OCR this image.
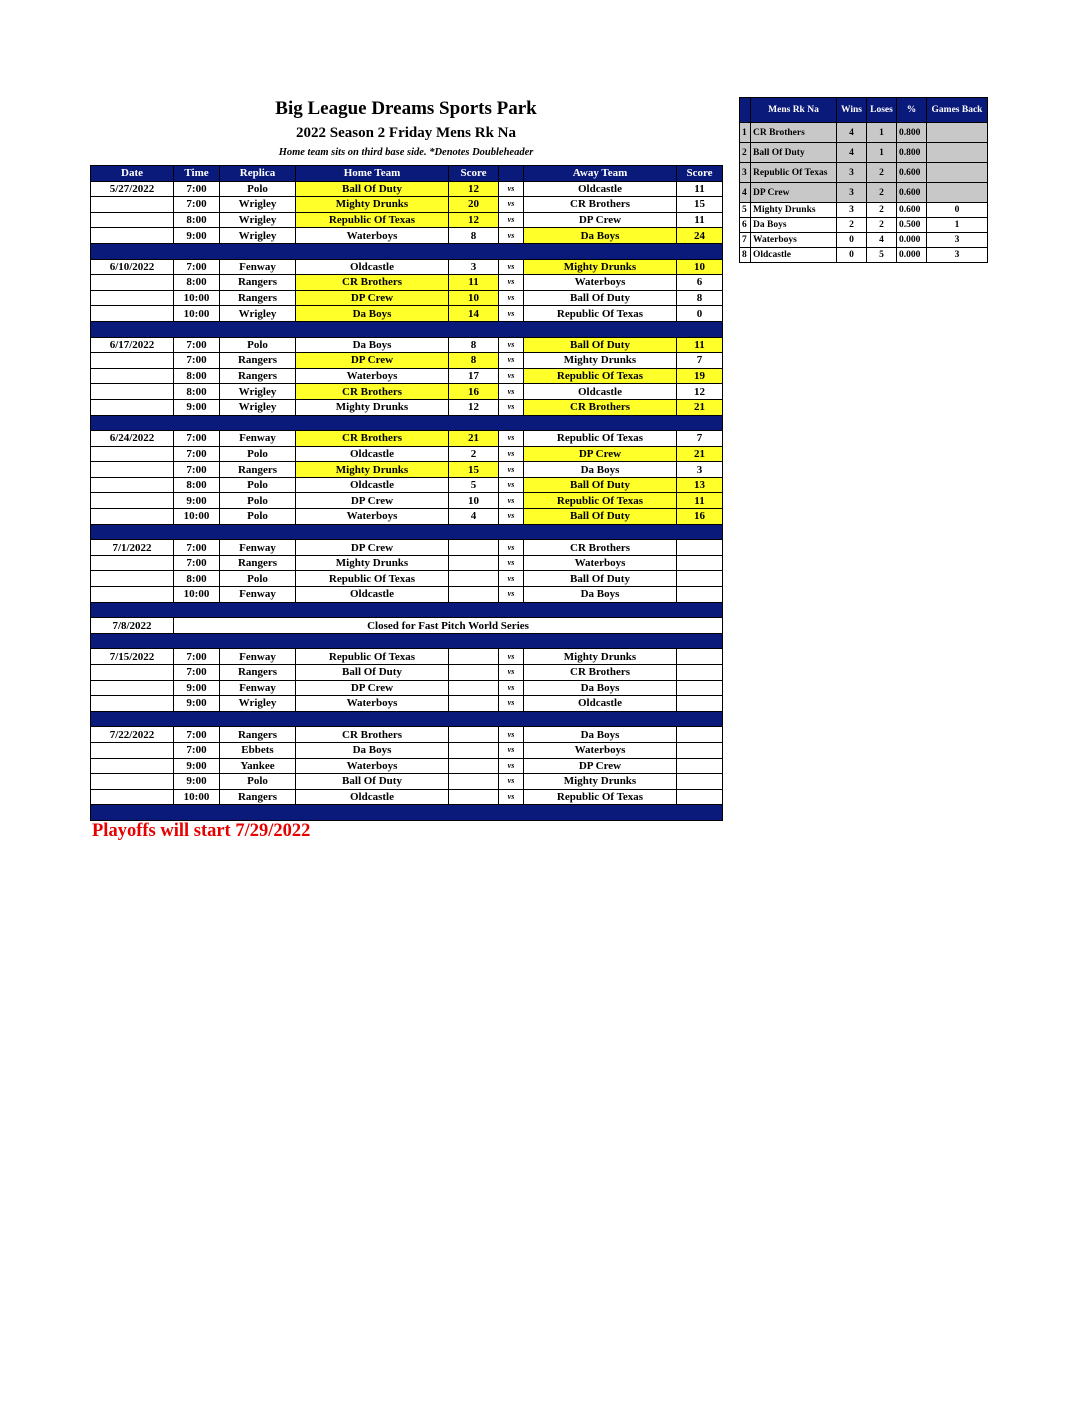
Big League Dreams Sports Park
2022 Season 2 Friday Mens Rk Na
Home team sits on third base side. *Denotes Doubleheader
Date	Time	Replica	Home Team	Score		Away Team	Score
5/27/2022	7:00	Polo	Ball Of Duty	12	vs	Oldcastle	11
	7:00	Wrigley	Mighty Drunks	20	vs	CR Brothers	15
	8:00	Wrigley	Republic Of Texas	12	vs	DP Crew	11
	9:00	Wrigley	Waterboys	8	vs	Da Boys	24

6/10/2022	7:00	Fenway	Oldcastle	3	vs	Mighty Drunks	10
	8:00	Rangers	CR Brothers	11	vs	Waterboys	6
	10:00	Rangers	DP Crew	10	vs	Ball Of Duty	8
	10:00	Wrigley	Da Boys	14	vs	Republic Of Texas	0

6/17/2022	7:00	Polo	Da Boys	8	vs	Ball Of Duty	11
	7:00	Rangers	DP Crew	8	vs	Mighty Drunks	7
	8:00	Rangers	Waterboys	17	vs	Republic Of Texas	19
	8:00	Wrigley	CR Brothers	16	vs	Oldcastle	12
	9:00	Wrigley	Mighty Drunks	12	vs	CR Brothers	21

6/24/2022	7:00	Fenway	CR Brothers	21	vs	Republic Of Texas	7
	7:00	Polo	Oldcastle	2	vs	DP Crew	21
	7:00	Rangers	Mighty Drunks	15	vs	Da Boys	3
	8:00	Polo	Oldcastle	5	vs	Ball Of Duty	13
	9:00	Polo	DP Crew	10	vs	Republic Of Texas	11
	10:00	Polo	Waterboys	4	vs	Ball Of Duty	16

7/1/2022	7:00	Fenway	DP Crew		vs	CR Brothers	
	7:00	Rangers	Mighty Drunks		vs	Waterboys	
	8:00	Polo	Republic Of Texas		vs	Ball Of Duty	
	10:00	Fenway	Oldcastle		vs	Da Boys	

7/8/2022	Closed for Fast Pitch World Series						

7/15/2022	7:00	Fenway	Republic Of Texas		vs	Mighty Drunks	
	7:00	Rangers	Ball Of Duty		vs	CR Brothers	
	9:00	Fenway	DP Crew		vs	Da Boys	
	9:00	Wrigley	Waterboys		vs	Oldcastle	

7/22/2022	7:00	Rangers	CR Brothers		vs	Da Boys	
	7:00	Ebbets	Da Boys		vs	Waterboys	
	9:00	Yankee	Waterboys		vs	DP Crew	
	9:00	Polo	Ball Of Duty		vs	Mighty Drunks	
	10:00	Rangers	Oldcastle		vs	Republic Of Texas	

	Mens Rk Na	Wins	Loses	%	Games Back
1	CR Brothers	4	1	0.800	
2	Ball Of Duty	4	1	0.800	
3	Republic Of Texas	3	2	0.600	
4	DP Crew	3	2	0.600	
5	Mighty Drunks	3	2	0.600	0
6	Da Boys	2	2	0.500	1
7	Waterboys	0	4	0.000	3
8	Oldcastle	0	5	0.000	3
Playoffs will start 7/29/2022
